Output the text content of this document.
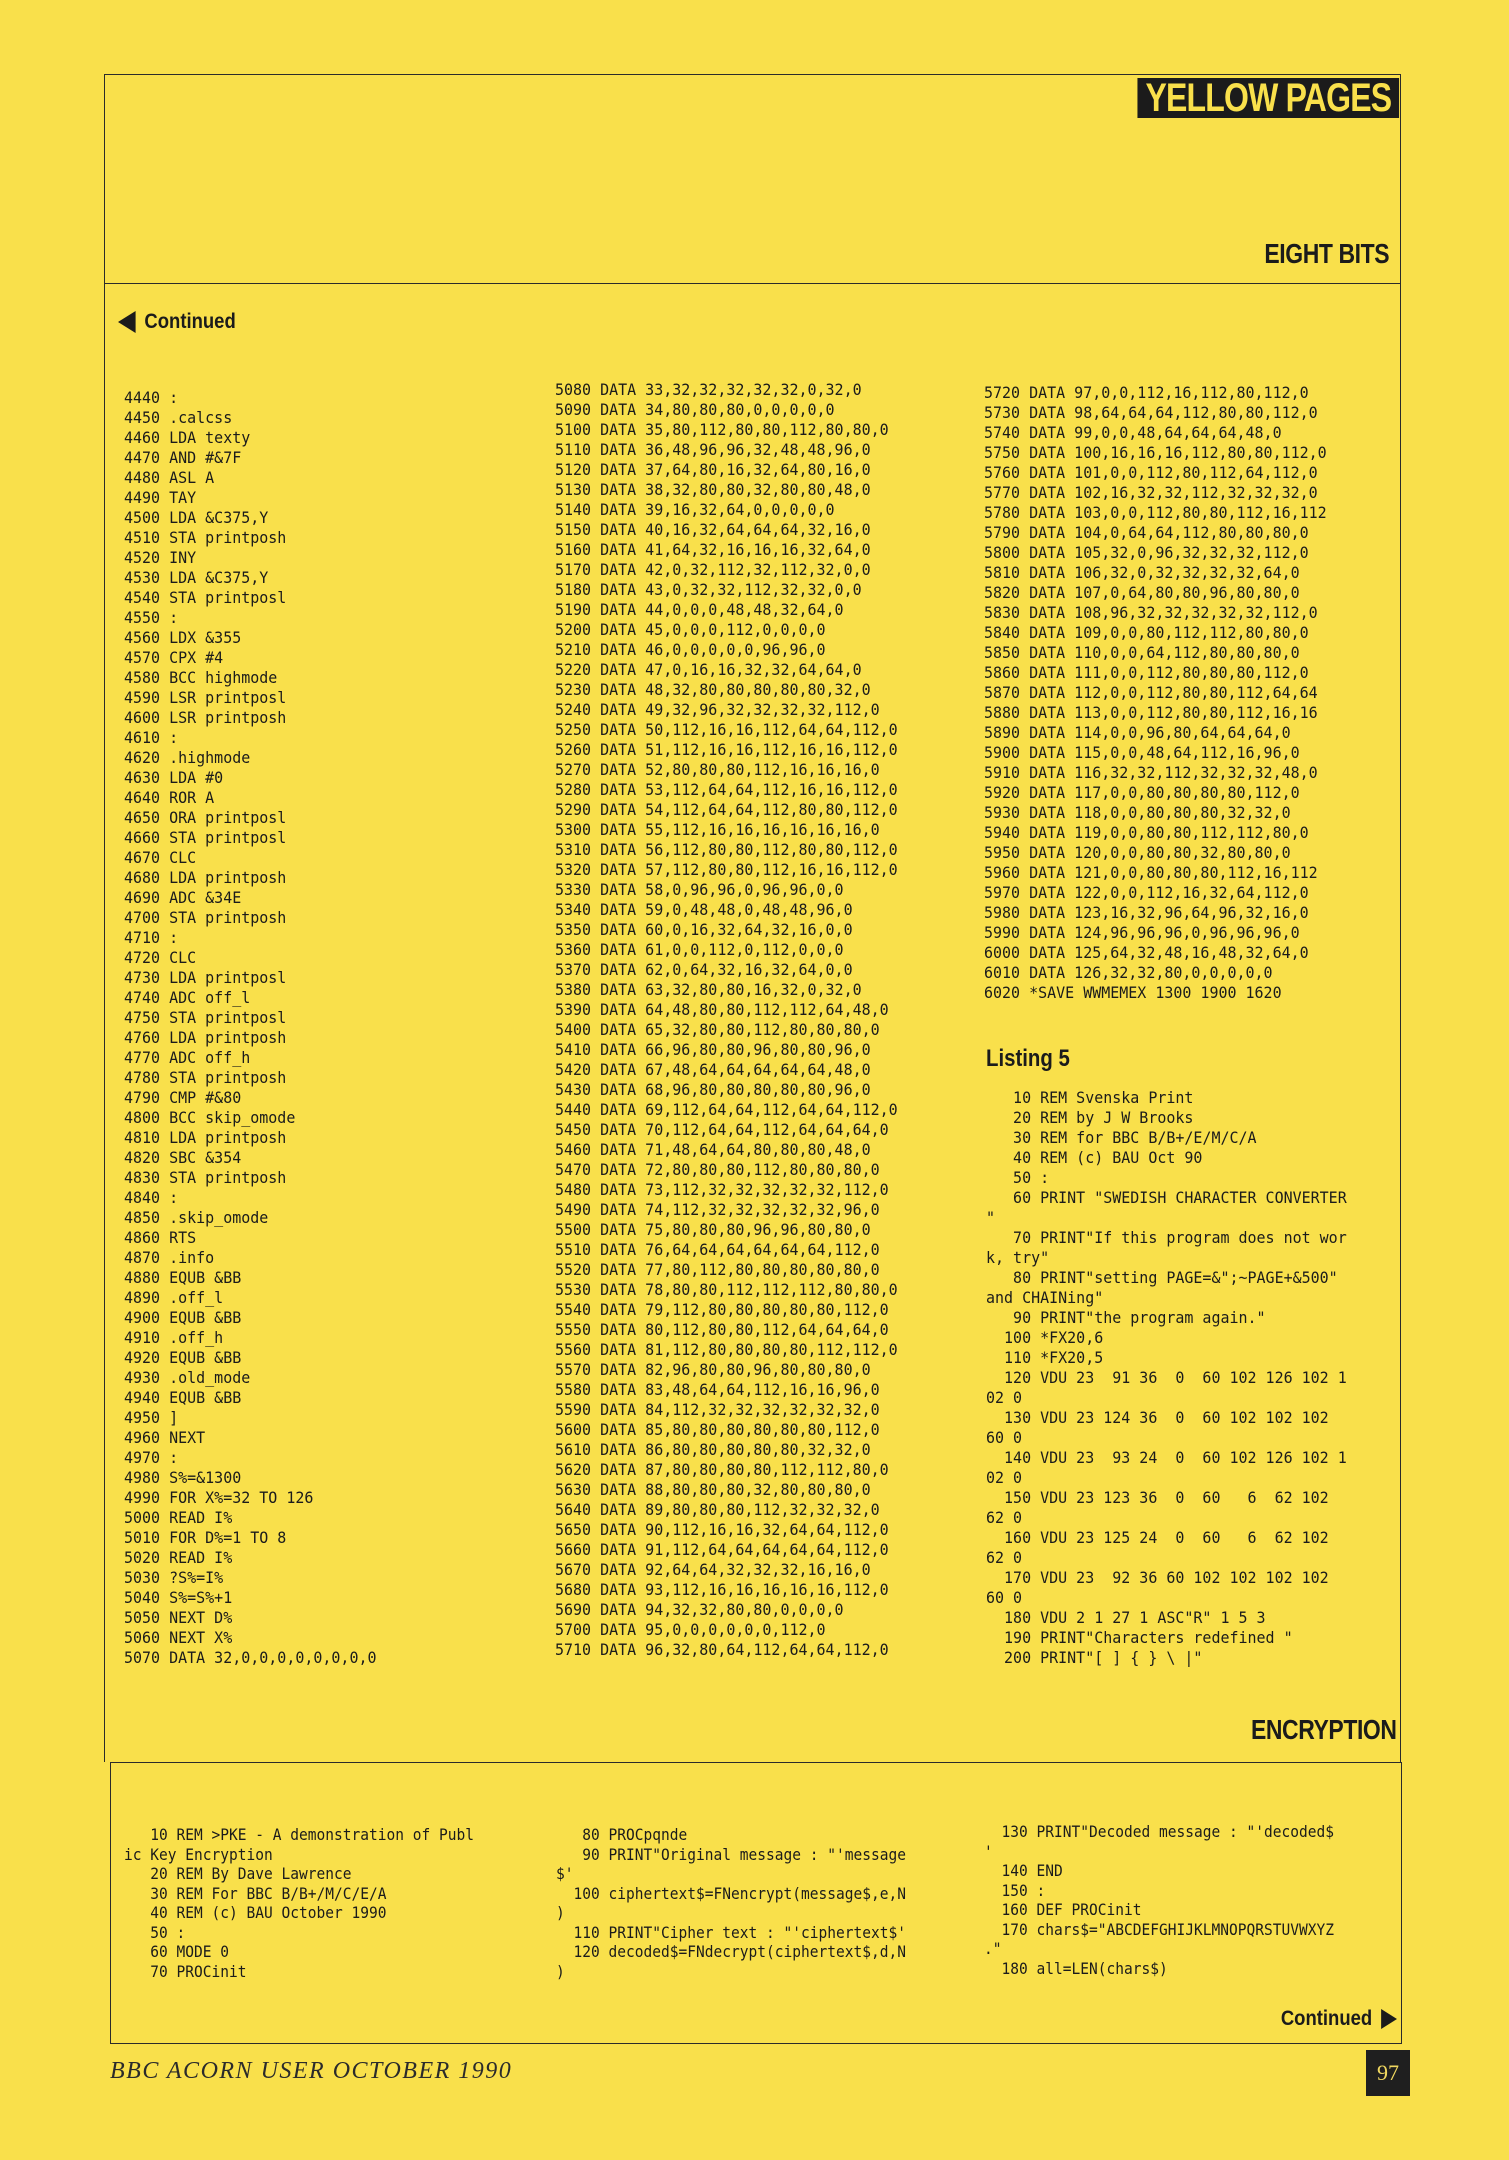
YELLOW PAGES
EIGHT BITS
Continued
4440 :
4450 .calcss
4460 LDA texty
4470 AND #&7F
4480 ASL A
4490 TAY
4500 LDA &C375,Y
4510 STA printposh
4520 INY
4530 LDA &C375,Y
4540 STA printposl
4550 :
4560 LDX &355
4570 CPX #4
4580 BCC highmode
4590 LSR printposl
4600 LSR printposh
4610 :
4620 .highmode
4630 LDA #0
4640 ROR A
4650 ORA printposl
4660 STA printposl
4670 CLC
4680 LDA printposh
4690 ADC &34E
4700 STA printposh
4710 :
4720 CLC
4730 LDA printposl
4740 ADC off_l
4750 STA printposl
4760 LDA printposh
4770 ADC off_h
4780 STA printposh
4790 CMP #&80
4800 BCC skip_omode
4810 LDA printposh
4820 SBC &354
4830 STA printposh
4840 :
4850 .skip_omode
4860 RTS
4870 .info
4880 EQUB &BB
4890 .off_l
4900 EQUB &BB
4910 .off_h
4920 EQUB &BB
4930 .old_mode
4940 EQUB &BB
4950 ]
4960 NEXT
4970 :
4980 S%=&1300
4990 FOR X%=32 TO 126
5000 READ I%
5010 FOR D%=1 TO 8
5020 READ I%
5030 ?S%=I%
5040 S%=S%+1
5050 NEXT D%
5060 NEXT X%
5070 DATA 32,0,0,0,0,0,0,0,0
5080 DATA 33,32,32,32,32,32,0,32,0
5090 DATA 34,80,80,80,0,0,0,0,0
5100 DATA 35,80,112,80,80,112,80,80,0
5110 DATA 36,48,96,96,32,48,48,96,0
5120 DATA 37,64,80,16,32,64,80,16,0
5130 DATA 38,32,80,80,32,80,80,48,0
5140 DATA 39,16,32,64,0,0,0,0,0
5150 DATA 40,16,32,64,64,64,32,16,0
5160 DATA 41,64,32,16,16,16,32,64,0
5170 DATA 42,0,32,112,32,112,32,0,0
5180 DATA 43,0,32,32,112,32,32,0,0
5190 DATA 44,0,0,0,48,48,32,64,0
5200 DATA 45,0,0,0,112,0,0,0,0
5210 DATA 46,0,0,0,0,0,96,96,0
5220 DATA 47,0,16,16,32,32,64,64,0
5230 DATA 48,32,80,80,80,80,80,32,0
5240 DATA 49,32,96,32,32,32,32,112,0
5250 DATA 50,112,16,16,112,64,64,112,0
5260 DATA 51,112,16,16,112,16,16,112,0
5270 DATA 52,80,80,80,112,16,16,16,0
5280 DATA 53,112,64,64,112,16,16,112,0
5290 DATA 54,112,64,64,112,80,80,112,0
5300 DATA 55,112,16,16,16,16,16,16,0
5310 DATA 56,112,80,80,112,80,80,112,0
5320 DATA 57,112,80,80,112,16,16,112,0
5330 DATA 58,0,96,96,0,96,96,0,0
5340 DATA 59,0,48,48,0,48,48,96,0
5350 DATA 60,0,16,32,64,32,16,0,0
5360 DATA 61,0,0,112,0,112,0,0,0
5370 DATA 62,0,64,32,16,32,64,0,0
5380 DATA 63,32,80,80,16,32,0,32,0
5390 DATA 64,48,80,80,112,112,64,48,0
5400 DATA 65,32,80,80,112,80,80,80,0
5410 DATA 66,96,80,80,96,80,80,96,0
5420 DATA 67,48,64,64,64,64,64,48,0
5430 DATA 68,96,80,80,80,80,80,96,0
5440 DATA 69,112,64,64,112,64,64,112,0
5450 DATA 70,112,64,64,112,64,64,64,0
5460 DATA 71,48,64,64,80,80,80,48,0
5470 DATA 72,80,80,80,112,80,80,80,0
5480 DATA 73,112,32,32,32,32,32,112,0
5490 DATA 74,112,32,32,32,32,32,96,0
5500 DATA 75,80,80,80,96,96,80,80,0
5510 DATA 76,64,64,64,64,64,64,112,0
5520 DATA 77,80,112,80,80,80,80,80,0
5530 DATA 78,80,80,112,112,112,80,80,0
5540 DATA 79,112,80,80,80,80,80,112,0
5550 DATA 80,112,80,80,112,64,64,64,0
5560 DATA 81,112,80,80,80,80,112,112,0
5570 DATA 82,96,80,80,96,80,80,80,0
5580 DATA 83,48,64,64,112,16,16,96,0
5590 DATA 84,112,32,32,32,32,32,32,0
5600 DATA 85,80,80,80,80,80,80,112,0
5610 DATA 86,80,80,80,80,80,32,32,0
5620 DATA 87,80,80,80,80,112,112,80,0
5630 DATA 88,80,80,80,32,80,80,80,0
5640 DATA 89,80,80,80,112,32,32,32,0
5650 DATA 90,112,16,16,32,64,64,112,0
5660 DATA 91,112,64,64,64,64,64,112,0
5670 DATA 92,64,64,32,32,32,16,16,0
5680 DATA 93,112,16,16,16,16,16,112,0
5690 DATA 94,32,32,80,80,0,0,0,0
5700 DATA 95,0,0,0,0,0,0,112,0
5710 DATA 96,32,80,64,112,64,64,112,0
5720 DATA 97,0,0,112,16,112,80,112,0
5730 DATA 98,64,64,64,112,80,80,112,0
5740 DATA 99,0,0,48,64,64,64,48,0
5750 DATA 100,16,16,16,112,80,80,112,0
5760 DATA 101,0,0,112,80,112,64,112,0
5770 DATA 102,16,32,32,112,32,32,32,0
5780 DATA 103,0,0,112,80,80,112,16,112
5790 DATA 104,0,64,64,112,80,80,80,0
5800 DATA 105,32,0,96,32,32,32,112,0
5810 DATA 106,32,0,32,32,32,32,64,0
5820 DATA 107,0,64,80,80,96,80,80,0
5830 DATA 108,96,32,32,32,32,32,112,0
5840 DATA 109,0,0,80,112,112,80,80,0
5850 DATA 110,0,0,64,112,80,80,80,0
5860 DATA 111,0,0,112,80,80,80,112,0
5870 DATA 112,0,0,112,80,80,112,64,64
5880 DATA 113,0,0,112,80,80,112,16,16
5890 DATA 114,0,0,96,80,64,64,64,0
5900 DATA 115,0,0,48,64,112,16,96,0
5910 DATA 116,32,32,112,32,32,32,48,0
5920 DATA 117,0,0,80,80,80,80,112,0
5930 DATA 118,0,0,80,80,80,32,32,0
5940 DATA 119,0,0,80,80,112,112,80,0
5950 DATA 120,0,0,80,80,32,80,80,0
5960 DATA 121,0,0,80,80,80,112,16,112
5970 DATA 122,0,0,112,16,32,64,112,0
5980 DATA 123,16,32,96,64,96,32,16,0
5990 DATA 124,96,96,96,0,96,96,96,0
6000 DATA 125,64,32,48,16,48,32,64,0
6010 DATA 126,32,32,80,0,0,0,0,0
6020 *SAVE WWMEMEX 1300 1900 1620
Listing 5
10 REM Svenska Print
20 REM by J W Brooks
30 REM for BBC B/B+/E/M/C/A
40 REM (c) BAU Oct 90
50 :
60 PRINT "SWEDISH CHARACTER CONVERTER
"
70 PRINT"If this program does not wor
k, try"
80 PRINT"setting PAGE=&";~PAGE+&500"
and CHAINing"
90 PRINT"the program again."
100 *FX20,6
110 *FX20,5
120 VDU 23  91 36  0  60 102 126 102 1
02 0
130 VDU 23 124 36  0  60 102 102 102
60 0
140 VDU 23  93 24  0  60 102 126 102 1
02 0
150 VDU 23 123 36  0  60   6  62 102
62 0
160 VDU 23 125 24  0  60   6  62 102
62 0
170 VDU 23  92 36 60 102 102 102 102
60 0
180 VDU 2 1 27 1 ASC"R" 1 5 3
190 PRINT"Characters redefined "
200 PRINT"[ ] { } \ |"
ENCRYPTION
10 REM >PKE - A demonstration of Publ
ic Key Encryption
20 REM By Dave Lawrence
30 REM For BBC B/B+/M/C/E/A
40 REM (c) BAU October 1990
50 :
60 MODE 0
70 PROCinit
80 PROCpqnde
90 PRINT"Original message : "'message
$'
100 ciphertext$=FNencrypt(message$,e,N
)
110 PRINT"Cipher text : "'ciphertext$'
120 decoded$=FNdecrypt(ciphertext$,d,N
)
130 PRINT"Decoded message : "'decoded$
'
140 END
150 :
160 DEF PROCinit
170 chars$="ABCDEFGHIJKLMNOPQRSTUVWXYZ
."
180 all=LEN(chars$)
Continued
BBC ACORN USER OCTOBER 1990	97
